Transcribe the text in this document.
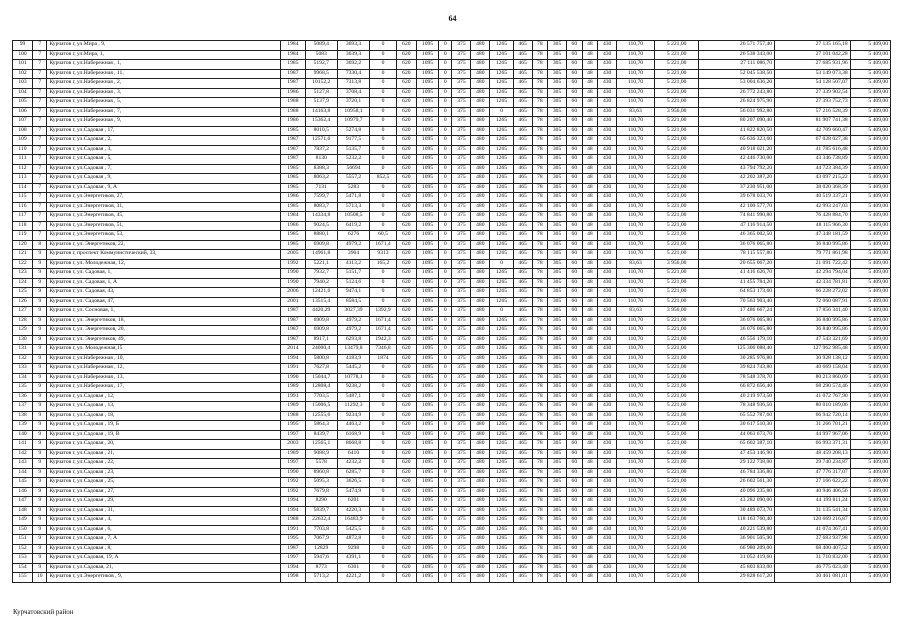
64
99	7	Курчатов г, ул.Мира , 9,	1984	5089,4	3693,3	0	620	1095	0	375	480	1265	465	78	305	60	48	430	110,70	5 221,00	26 571 757,40	27 135 165,18	5 409,00
100	7	Курчатов г, ул.Мира, 1,	1984	5083	3639,3	0	620	1095	0	375	480	1265	465	78	305	60	48	430	110,70	5 221,00	26 538 343,00	27 101 042,28	5 409,00
101	7	Курчатов г, ул.Набережная , 1,	1985	5192,7	3692,2	0	620	1095	0	375	480	1265	465	78	305	60	48	430	110,70	5 221,00	27 111 086,70	27 685 931,96	5 409,00
102	7	Курчатов г, ул.Набережная , 11,	1987	9968,5	7330,4	0	620	1095	0	375	480	1265	465	78	305	60	48	430	110,70	5 221,00	52 045 538,50	53 149 073,38	5 409,00
103	7	Курчатов г, ул.Набережная , 2,	1987	10152,2	7313,8	0	620	1095	0	375	480	1265	465	78	305	60	48	430	110,70	5 221,00	53 004 636,20	54 128 507,07	5 409,00
104	7	Курчатов г, ул.Набережная , 3,	1986	5127,8	3708,4	0	620	1095	0	375	480	1265	465	78	305	60	48	430	110,70	5 221,00	26 772 243,80	27 339 902,54	5 409,00
105	7	Курчатов г, ул.Набережная , 5,	1988	5137,9	3720,1	0	620	1095	0	375	480	1265	465	78	305	60	48	430	110,70	5 221,00	26 824 975,90	27 393 752,73	5 409,00
106	7	Курчатов г, ул.Набережная , 7,	1988	14163,8	10958,1	0	620	1095	0	375	480	0	465	78	305	60	48	430	83,63	3 956,00	56 031 992,80	57 216 528,39	5 409,00
107	7	Курчатов г, ул.Набережная , 9,	1986	15362,4	10979,7	0	620	1095	0	375	480	1265	465	78	305	60	48	430	110,70	5 221,00	80 207 090,40	81 907 741,38	5 409,00
108	7	Курчатов г, ул.Садовая , 17,	1985	8010,5	5274,8	0	620	1095	0	375	480	1265	465	78	305	60	48	430	110,70	5 221,00	41 822 820,50	42 709 660,47	5 409,00
109	7	Курчатов г, ул.Садовая , 2,	1987	12571,6	9177,5	0	620	1095	0	375	480	1265	465	78	305	60	48	430	110,70	5 221,00	65 636 323,60	67 028 027,38	5 409,00
110	7	Курчатов г, ул.Садовая , 3,	1987	7837,2	5135,7	0	620	1095	0	375	480	1265	465	78	305	60	48	430	110,70	5 221,00	40 918 021,20	41 785 616,48	5 409,00
111	7	Курчатов г, ул.Садовая , 5,	1987	8130	5232,2	0	620	1095	0	375	480	1265	465	78	305	60	48	430	110,70	5 221,00	42 446 730,00	43 346 738,89	5 409,00
112	7	Курчатов г, ул.Садовая , 7,	1985	8388,3	56694	0	620	1095	0	375	480	1265	465	78	305	60	48	430	110,70	5 221,00	43 794 792,20	44 723 384,39	5 409,00
113	7	Курчатов г, ул.Садовая , 9,	1985	8063,2	5557,2	852,5	620	1095	0	375	480	1265	465	78	305	60	48	430	110,70	5 221,00	42 202 387,20	43 097 215,22	5 409,00
114	7	Курчатов г, ул.Садовая , 9, А	1985	7131	5283	0	620	1095	0	375	480	1265	465	78	305	60	48	430	110,70	5 221,00	37 230 951,00	38 020 368,39	5 409,00
115	7	Курчатов г, ул.Энергетиков, 27,	1986	7599,7	5471,8	0	620	1095	0	375	480	1265	465	78	305	60	48	430	110,70	5 221,00	39 678 033,70	40 519 337,21	5 409,00
116	7	Курчатов г, ул.Энергетиков, 31,	1985	8083,7	5713,3	0	620	1095	0	375	480	1265	465	78	305	60	48	430	110,70	5 221,00	42 100 577,70	42 993 247,03	5 409,00
117	7	Курчатов г, ул.Энергетиков, 45,	1984	14334,8	10508,5	0	620	1095	0	375	480	1265	465	78	305	60	48	430	110,70	5 221,00	74 841 990,80	76 428 884,70	5 409,00
118	7	Курчатов г, ул.Энергетиков, 51,	1986	9024,5	6419,2	0	620	1095	0	375	480	1265	465	78	305	60	48	430	110,70	5 221,00	47 116 914,50	48 115 966,30	5 409,00
119	7	Курчатов г, ул.Энергетиков, 53,	1985	8880,1	6276	60,5	620	1095	0	375	480	1265	465	78	305	60	48	430	110,70	5 221,00	46 365 002,50	47 348 181,59	5 409,00
120	8	Курчатов г, ул. Энергетиков, 22,	1985	6909,8	4979,2	1671,4	620	1095	0	375	480	1265	465	78	305	60	48	430	110,70	5 221,00	36 076 065,80	36 840 995,86	5 409,00
121	9	Курчатов г, проспект Коммунистический, 33,	2005	14961,8	3904	9313	620	1095	0	375	480	1265	465	78	305	60	48	430	110,70	5 221,00	78 115 557,80	79 771 861,98	5 409,00
122	9	Курчатов г, ул. Молодежная, 12,	1992	5221,1	4113,2	165,2	620	1095	0	375	480	0	465	78	305	60	48	430	83,63	3 956,00	20 655 067,20	21 091 722,42	5 409,00
123	9	Курчатов г, ул. Садовая, 1,	1990	7932,7	5151,7	0	620	1095	0	375	480	1265	465	78	305	60	48	430	110,70	5 221,00	41 416 626,70	42 294 794,04	5 409,00
124	9	Курчатов г, ул. Садовая, 1, А	1990	7940,2	5124,6	0	620	1095	0	375	480	1265	465	78	305	60	48	430	110,70	5 221,00	41 455 784,20	42 334 781,81	5 409,00
125	9	Курчатов г, ул. Садовая, 43,	2006	12421,6	9474,1	0	620	1095	0	375	480	1265	465	78	305	60	48	430	110,70	5 221,00	64 853 173,60	66 228 272,02	5 409,00
126	9	Курчатов г, ул. Садовая, 47,	2001	13515,4	8584,5	0	620	1095	0	375	480	1265	465	78	305	60	48	430	110,70	5 221,00	70 563 903,40	72 060 087,91	5 409,00
127	9	Курчатов г, ул. Сосновая, 1,	1987	4420,29	3027,39	1392,9	620	1095	0	375	480	0	465	78	305	60	48	430	83,63	3 956,00	17 486 667,24	17 856 341,40	5 409,00
128	9	Курчатов г, ул. Энергетиков, 18,	1987	6909,8	4979,2	1671,4	620	1095	0	375	480	1265	465	78	305	60	48	430	110,70	5 221,00	36 076 065,80	36 840 995,86	5 409,00
129	9	Курчатов г, ул. Энергетиков, 20,	1987	6909,8	4979,2	1671,4	620	1095	0	375	480	1265	465	78	305	60	48	430	110,70	5 221,00	36 076 065,80	36 840 995,86	5 409,00
130	9	Курчатов г, ул. Энергетиков, 49,	1987	8917,1	6293,8	1942,3	620	1095	0	375	480	1265	465	78	305	60	48	430	110,70	5 221,00	46 556 179,10	47 543 321,69	5 409,00
131	9	Курчатов г, ул. Молодежная,15	2014	24000,4	13479,8	7346,8	620	1095	0	375	480	1265	465	78	305	60	48	430	110,70	5 221,00	125 306 088,40	127 962 985,48	5 409,00
132	9	Курчатов г, ул.Набережная , 10,	1994	5800,8	4183,9	1874	620	1095	0	375	480	1265	465	78	305	60	48	430	110,70	5 221,00	30 285 976,80	30 928 138,12	5 409,00
133	9	Курчатов г, ул.Набережная , 12,	1991	7627,8	5445,2	0	620	1095	0	375	480	1265	465	78	305	60	48	430	110,70	5 221,00	39 824 743,80	40 669 158,04	5 409,00
134	9	Курчатов г, ул.Набережная , 13,	1990	15044,7	10778,1	0	620	1095	0	375	480	1265	465	78	305	60	48	430	110,70	5 221,00	78 548 378,70	80 213 860,09	5 409,00
135	9	Курчатов г, ул.Набережная , 17,	1989	12808,4	9238,2	0	620	1095	0	375	480	1265	465	78	305	60	48	430	110,70	5 221,00	66 872 656,40	68 290 574,46	5 409,00
136	9	Курчатов г, ул.Садовая , 12,	1991	7703,5	5487,1	0	620	1095	0	375	480	1265	465	78	305	60	48	430	110,70	5 221,00	40 219 973,50	41 072 767,90	5 409,00
137	9	Курчатов г, ул.Садовая , 13,	1989	15006,5	11292,3	0	620	1095	0	375	480	1265	465	78	305	60	48	430	110,70	5 221,00	78 348 936,50	80 010 189,06	5 409,00
138	9	Курчатов г, ул.Садовая , 18,	1988	12555,6	9234,9	0	620	1095	0	375	480	1265	465	78	305	60	48	430	110,70	5 221,00	65 552 787,60	66 942 720,14	5 409,00
139	9	Курчатов г, ул.Садовая , 19, Б	1995	5864,3	4463,2	0	620	1095	0	375	480	1265	465	78	305	60	48	430	110,70	5 221,00	30 617 510,30	31 266 701,21	5 409,00
140	9	Курчатов г, ул.Садовая , 19, В	1997	8439,7	6168,9	0	620	1095	0	375	480	1265	465	78	305	60	48	430	110,70	5 221,00	44 063 673,70	44 997 967,06	5 409,00
141	9	Курчатов г, ул.Садовая , 20,	2003	12565,1	8668,8	0	620	1095	0	375	480	1265	465	78	305	60	48	430	110,70	5 221,00	65 602 387,10	66 993 371,31	5 409,00
142	9	Курчатов г, ул.Садовая , 21,	1989	9088,9	6410	0	620	1095	0	375	480	1265	465	78	305	60	48	430	110,70	5 221,00	47 453 146,90	48 459 208,13	5 409,00
143	9	Курчатов г, ул.Садовая , 22,	1997	5578	4232,2	0	620	1095	0	375	480	1265	465	78	305	60	48	430	110,70	5 221,00	29 122 738,00	29 740 234,87	5 409,00
144	9	Курчатов г, ул.Садовая , 23,	1990	8960,8	6285,7	0	620	1095	0	375	480	1265	465	78	305	60	48	430	110,70	5 221,00	46 784 336,80	47 776 317,07	5 409,00
145	9	Курчатов г, ул.Садовая , 25,	1992	5095,3	3626,5	0	620	1095	0	375	480	1265	465	78	305	60	48	430	110,70	5 221,00	26 602 561,30	27 166 622,22	5 409,00
146	9	Курчатов г, ул.Садовая , 27,	1992	7679,8	5474,9	0	620	1095	0	375	480	1265	465	78	305	60	48	430	110,70	5 221,00	40 096 235,80	40 946 406,56	5 409,00
147	9	Курчатов г, ул.Садовая , 29,	1994	8290	6201	0	620	1095	0	375	480	1265	465	78	305	60	48	430	110,70	5 221,00	43 282 090,00	44 199 811,24	5 409,00
148	9	Курчатов г, ул.Садовая , 31,	1994	5839,7	4220,3	0	620	1095	0	375	480	1265	465	78	305	60	48	430	110,70	5 221,00	30 489 073,70	31 135 541,34	5 409,00
149	9	Курчатов г, ул.Садовая , 4,	1988	22632,4	16483,9	0	620	1095	0	375	480	1265	465	78	305	60	48	430	110,70	5 221,00	118 163 760,40	120 669 216,87	5 409,00
150	9	Курчатов г, ул.Садовая , 6,	1991	7703,8	5425,5	0	620	1095	0	375	480	1265	465	78	305	60	48	430	110,70	5 221,00	40 221 539,80	41 074 367,41	5 409,00
151	9	Курчатов г, ул.Садовая , 7, А	1995	7067,9	4872,8	0	620	1095	0	375	480	1265	465	78	305	60	48	430	110,70	5 221,00	36 901 505,90	37 683 937,98	5 409,00
152	9	Курчатов г, ул.Садовая , 8,	1987	12829	9298	0	620	1095	0	375	480	1265	465	78	305	60	48	430	110,70	5 221,00	66 980 209,00	68 400 407,52	5 409,00
153	9	Курчатов г, ул.Садовая, 19, А	1997	5947,6	4391,1	0	620	1095	0	375	480	1265	465	78	305	60	48	430	110,70	5 221,00	31 052 419,60	31 710 832,00	5 409,00
154	9	Курчатов г, ул.Садовая, 21,	1994	8773	6301	0	620	1095	0	375	480	1265	465	78	305	60	48	430	110,70	5 221,00	45 803 833,00	46 775 023,40	5 409,00
155	10	Курчатов г, ул.Энергетиков , 9,	1998	5713,2	4221,2	0	620	1095	0	375	480	1265	465	78	305	60	48	430	110,70	5 221,00	29 828 617,20	30 461 081,01	5 409,00
Курчатовский район
